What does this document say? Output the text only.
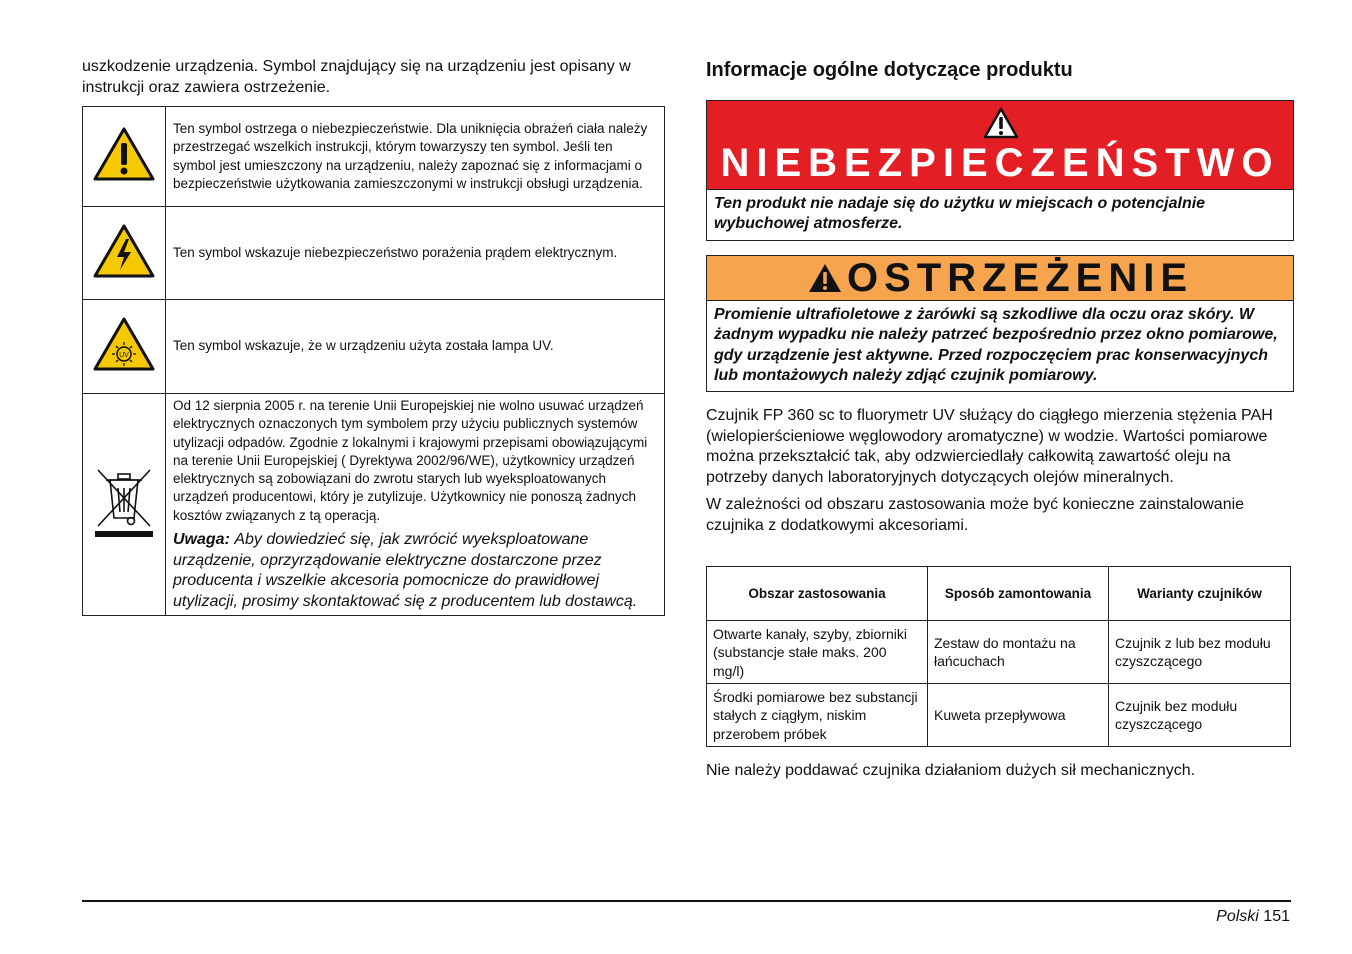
uszkodzenie urządzenia. Symbol znajdujący się na urządzeniu jest opisany w instrukcji oraz zawiera ostrzeżenie.

	Ten symbol ostrzega o niebezpieczeństwie. Dla uniknięcia obrażeń ciała należy przestrzegać wszelkich instrukcji, którym towarzyszy ten symbol. Jeśli ten symbol jest umieszczony na urządzeniu, należy zapoznać się z informacjami o bezpieczeństwie użytkowania zamieszczonymi w instrukcji obsługi urządzenia.
	Ten symbol wskazuje niebezpieczeństwo porażenia prądem elektrycznym.

UV	Ten symbol wskazuje, że w urządzeniu użyta została lampa UV.

Od 12 sierpnia 2005 r. na terenie Unii Europejskiej nie wolno usuwać urządzeń elektrycznych oznaczonych tym symbolem przy użyciu publicznych systemów utylizacji odpadów. Zgodnie z lokalnymi i krajowymi przepisami obowiązującymi na terenie Unii Europejskiej ( Dyrektywa 2002/96/WE), użytkownicy urządzeń elektrycznych są zobowiązani do zwrotu starych lub wyeksploatowanych urządzeń producentowi, który je zutylizuje. Użytkownicy nie ponoszą żadnych kosztów związanych z tą operacją.
Uwaga: Aby dowiedzieć się, jak zwrócić wyeksploatowane urządzenie, oprzyrządowanie elektryczne dostarczone przez producenta i wszelkie akcesoria pomocnicze do prawidłowej utylizacji, prosimy skontaktować się z producentem lub dostawcą.
Informacje ogólne dotyczące produktu
NIEBEZPIECZEŃSTWO
Ten produkt nie nadaje się do użytku w miejscach o potencjalnie wybuchowej atmosferze.
OSTRZEŻENIE
Promienie ultrafioletowe z żarówki są szkodliwe dla oczu oraz skóry. W żadnym wypadku nie należy patrzeć bezpośrednio przez okno pomiarowe, gdy urządzenie jest aktywne. Przed rozpoczęciem prac konserwacyjnych lub montażowych należy zdjąć czujnik pomiarowy.

Czujnik FP 360 sc to fluorymetr UV służący do ciągłego mierzenia stężenia PAH (wielopierścieniowe węglowodory aromatyczne) w wodzie. Wartości pomiarowe można przekształcić tak, aby odzwierciedlały całkowitą zawartość oleju na potrzeby danych laboratoryjnych dotyczących olejów mineralnych.

W zależności od obszaru zastosowania może być konieczne zainstalowanie czujnika z dodatkowymi akcesoriami.

Obszar zastosowania	Sposób zamontowania	Warianty czujników
Otwarte kanały, szyby, zbiorniki (substancje stałe maks. 200 mg/l)	Zestaw do montażu na łańcuchach	Czujnik z lub bez modułu czyszczącego
Środki pomiarowe bez substancji stałych z ciągłym, niskim przerobem próbek	Kuweta przepływowa	Czujnik bez modułu czyszczącego

Nie należy poddawać czujnika działaniom dużych sił mechanicznych.

Polski 151
